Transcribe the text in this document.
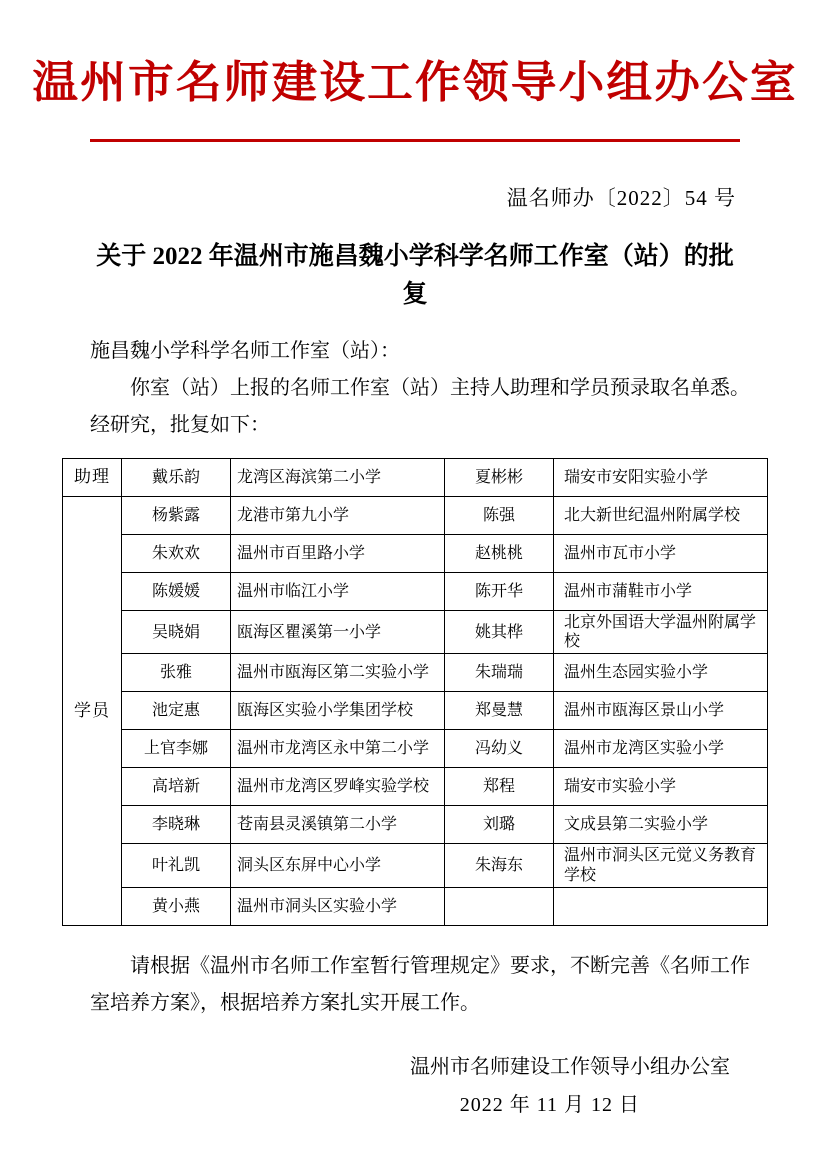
温州市名师建设工作领导小组办公室
温名师办〔2022〕54 号
关于 2022 年温州市施昌魏小学科学名师工作室（站）的批复

施昌魏小学科学名师工作室（站）：

你室（站）上报的名师工作室（站）主持人助理和学员预录取名单悉。

经研究，批复如下：

助理	戴乐韵	龙湾区海滨第二小学	夏彬彬	瑞安市安阳实验小学
学员	杨紫露	龙港市第九小学	陈强	北大新世纪温州附属学校
	朱欢欢	温州市百里路小学	赵桃桃	温州市瓦市小学
	陈媛媛	温州市临江小学	陈开华	温州市蒲鞋市小学
	吴晓娟	瓯海区瞿溪第一小学	姚其桦	北京外国语大学温州附属学校
	张雅	温州市瓯海区第二实验小学	朱瑞瑞	温州生态园实验小学
	池定惠	瓯海区实验小学集团学校	郑曼慧	温州市瓯海区景山小学
	上官李娜	温州市龙湾区永中第二小学	冯幼义	温州市龙湾区实验小学
	高培新	温州市龙湾区罗峰实验学校	郑程	瑞安市实验小学
	李晓琳	苍南县灵溪镇第二小学	刘璐	文成县第二实验小学
	叶礼凯	洞头区东屏中心小学	朱海东	温州市洞头区元觉义务教育学校
	黄小燕	温州市洞头区实验小学		

请根据《温州市名师工作室暂行管理规定》要求，不断完善《名师工作室培养方案》，根据培养方案扎实开展工作。

温州市名师建设工作领导小组办公室
2022 年 11 月 12 日
